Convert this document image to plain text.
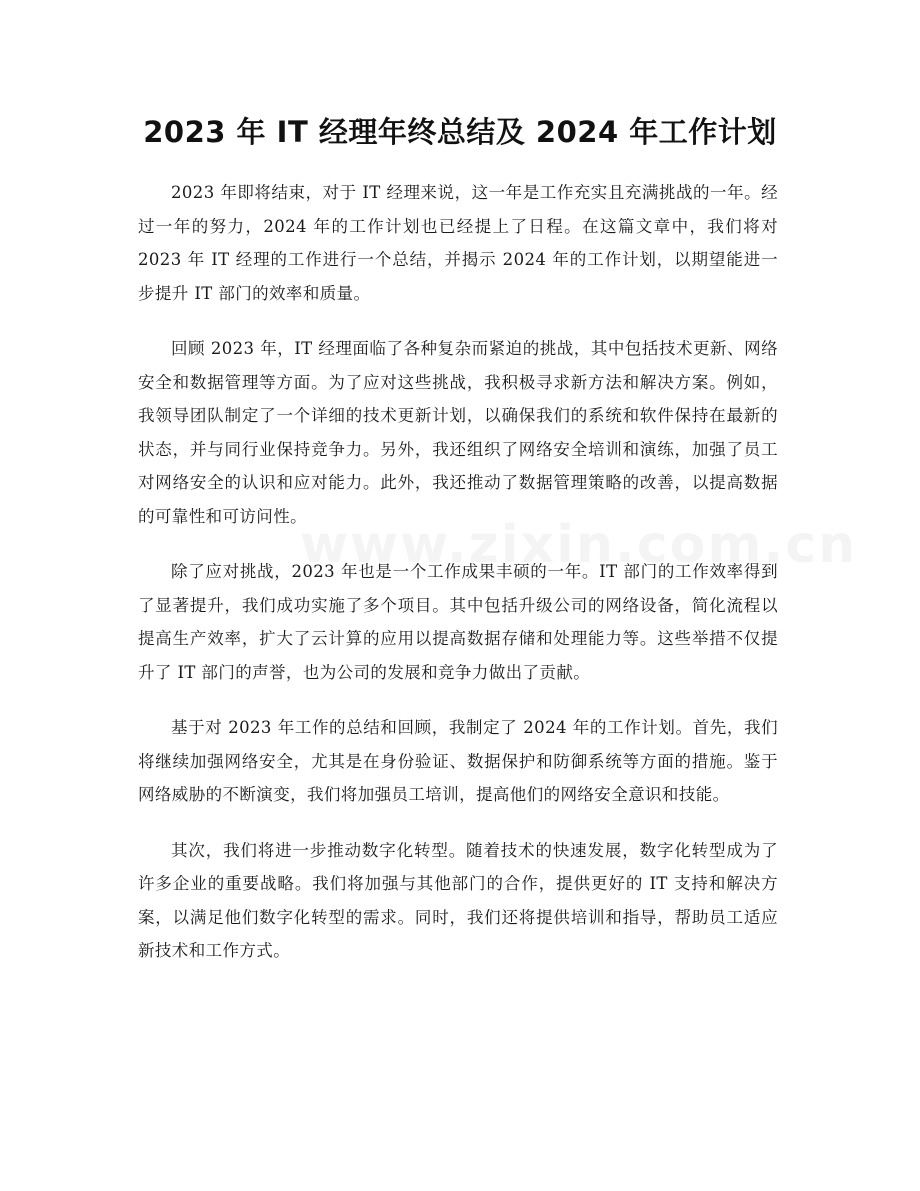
2023 年 IT 经理年终总结及 2024 年工作计划

2023 年即将结束，对于 IT 经理来说，这一年是工作充实且充满挑战的一年。经过一年的努力，2024 年的工作计划也已经提上了日程。在这篇文章中，我们将对 2023 年 IT 经理的工作进行一个总结，并揭示 2024 年的工作计划，以期望能进一步提升 IT 部门的效率和质量。

回顾 2023 年，IT 经理面临了各种复杂而紧迫的挑战，其中包括技术更新、网络安全和数据管理等方面。为了应对这些挑战，我积极寻求新方法和解决方案。例如，我领导团队制定了一个详细的技术更新计划，以确保我们的系统和软件保持在最新的状态，并与同行业保持竞争力。另外，我还组织了网络安全培训和演练，加强了员工对网络安全的认识和应对能力。此外，我还推动了数据管理策略的改善，以提高数据的可靠性和可访问性。

除了应对挑战，2023 年也是一个工作成果丰硕的一年。IT 部门的工作效率得到了显著提升，我们成功实施了多个项目。其中包括升级公司的网络设备，简化流程以提高生产效率，扩大了云计算的应用以提高数据存储和处理能力等。这些举措不仅提升了 IT 部门的声誉，也为公司的发展和竞争力做出了贡献。

基于对 2023 年工作的总结和回顾，我制定了 2024 年的工作计划。首先，我们将继续加强网络安全，尤其是在身份验证、数据保护和防御系统等方面的措施。鉴于网络威胁的不断演变，我们将加强员工培训，提高他们的网络安全意识和技能。

其次，我们将进一步推动数字化转型。随着技术的快速发展，数字化转型成为了许多企业的重要战略。我们将加强与其他部门的合作，提供更好的 IT 支持和解决方案，以满足他们数字化转型的需求。同时，我们还将提供培训和指导，帮助员工适应新技术和工作方式。
